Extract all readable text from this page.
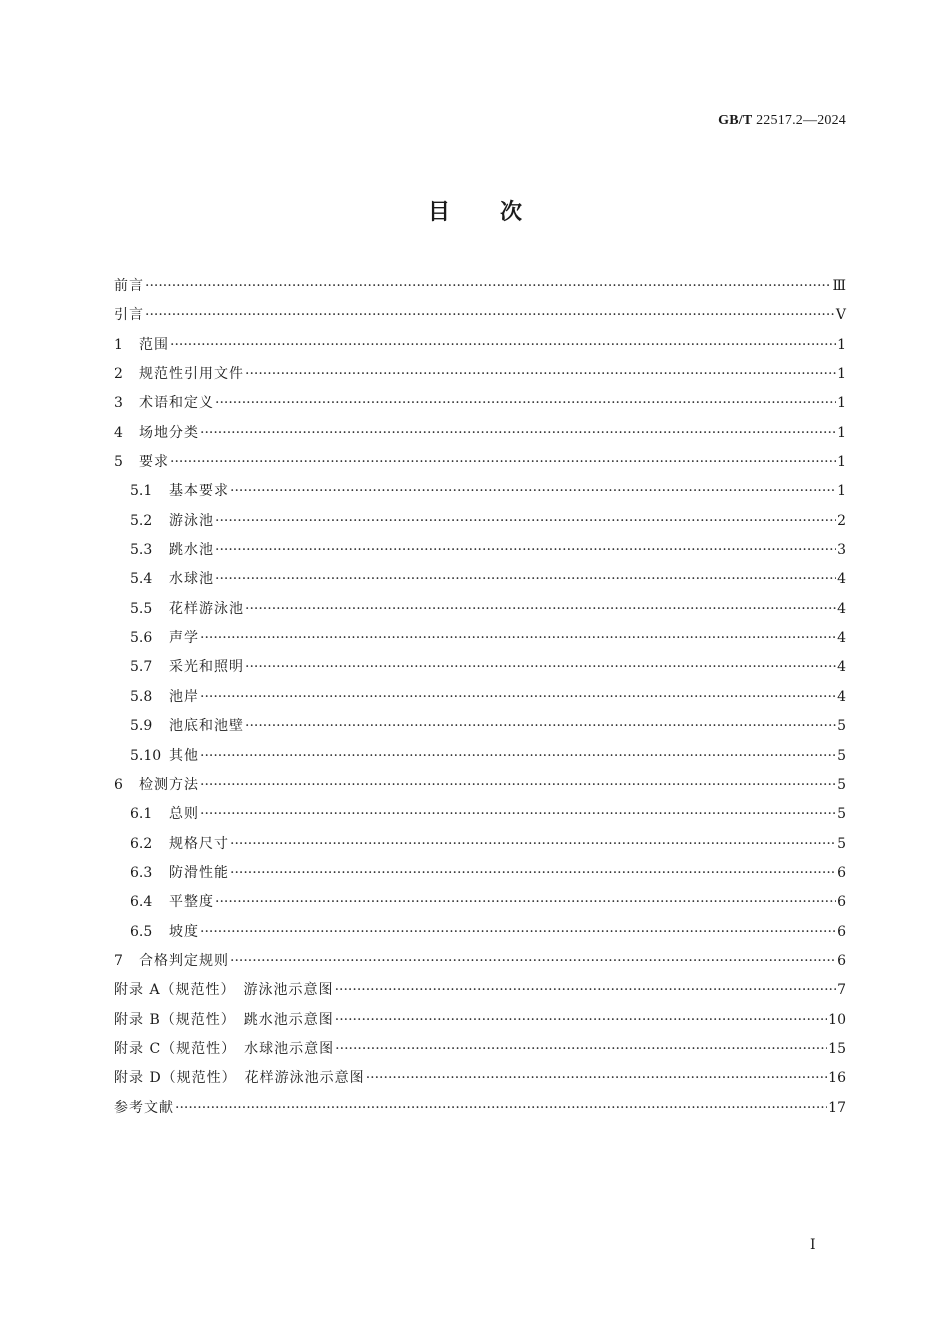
GB/T 22517.2—2024
目次
前言 ·····	Ⅲ
引言 ·····	Ⅴ
1	范围 ·····	1
2	规范性引用文件 ·····	1
3	术语和定义 ·····	1
4	场地分类 ·····	1
5	要求 ·····	1
5.1	基本要求 ·····	1
5.2	游泳池 ·····	2
5.3	跳水池 ·····	3
5.4	水球池 ·····	4
5.5	花样游泳池 ·····	4
5.6	声学 ·····	4
5.7	采光和照明 ·····	4
5.8	池岸 ·····	4
5.9	池底和池壁 ·····	5
5.10 其他 ·····	5
6	检测方法 ·····	5
6.1	总则 ·····	5
6.2	规格尺寸 ·····	5
6.3	防滑性能 ·····	6
6.4	平整度 ·····	6
6.5	坡度 ·····	6
7	合格判定规则 ·····	6
附录 A（规范性）　游泳池示意图 ·····	7
附录 B（规范性）　跳水池示意图 ·····	10
附录 C（规范性）　水球池示意图 ·····	15
附录 D（规范性）　花样游泳池示意图 ·····	16
参考文献 ·····	17
Ⅰ
